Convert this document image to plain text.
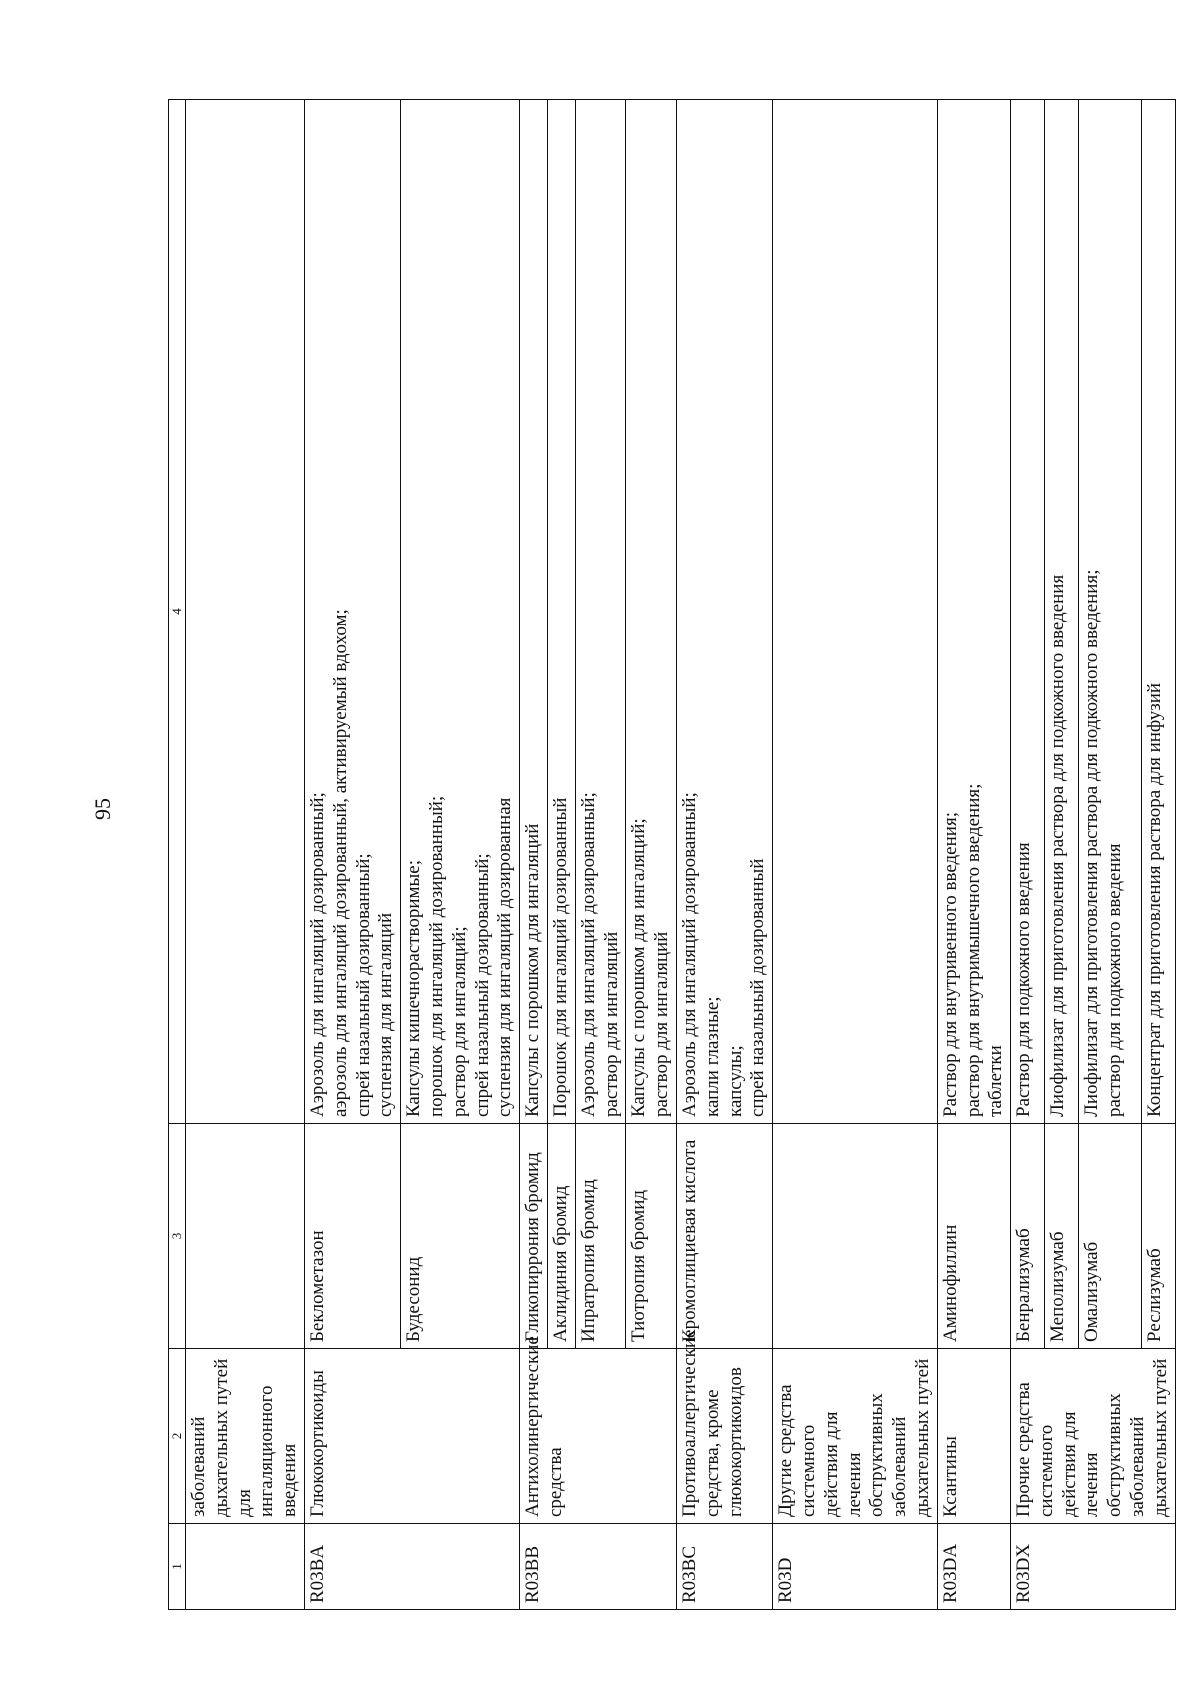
95
1	2	3	4
	заболеваний дыхательных путей для ингаляционного введения		
R03BA	Глюкокортикоиды	Беклометазон	Аэрозоль для ингаляций дозированный; аэрозоль для ингаляций дозированный, активируемый вдохом; спрей назальный дозированный; суспензия для ингаляций

		Будесонид	Капсулы кишечнорастворимые; порошок для ингаляций дозированный; раствор для ингаляций; спрей назальный дозированный; суспензия для ингаляций дозированная

R03BB	Антихолинергические средства	Гликопиррония бромид	Капсулы с порошком для ингаляций

		Аклидиния бромид	Порошок для ингаляций дозированный

		Ипратропия бромид	Аэрозоль для ингаляций дозированный; раствор для ингаляций

		Тиотропия бромид	Капсулы с порошком для ингаляций; раствор для ингаляций

R03BC	Противоаллергические средства, кроме глюкокортикоидов	Кромоглициевая кислота	Аэрозоль для ингаляций дозированный; капли глазные; капсулы; спрей назальный дозированный

R03D	Другие средства системного действия для лечения обструктивных заболеваний дыхательных путей		
R03DA	Ксантины	Аминофиллин	Раствор для внутривенного введения; раствор для внутримышечного введения; таблетки

R03DX	Прочие средства системного действия для лечения обструктивных заболеваний дыхательных путей	Бенрализумаб	Раствор для подкожного введения

		Меполизумаб	Лиофилизат для приготовления раствора для подкожного введения

		Омализумаб	Лиофилизат для приготовления раствора для подкожного введения; раствор для подкожного введения

		Реслизумаб	Концентрат для приготовления раствора для инфузий
